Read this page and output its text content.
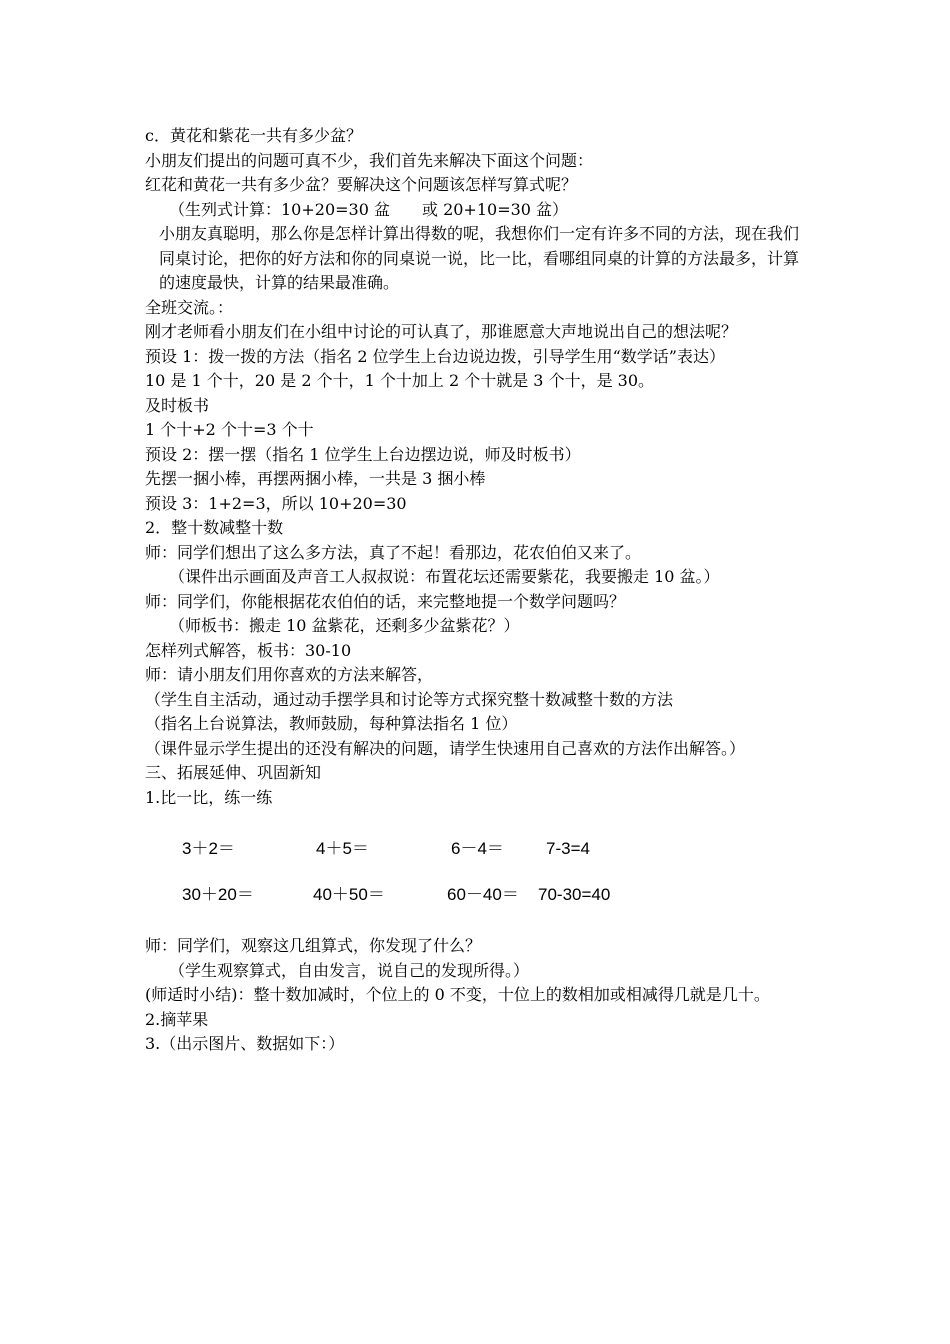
c．黄花和紫花一共有多少盆？

小朋友们提出的问题可真不少，我们首先来解决下面这个问题：

红花和黄花一共有多少盆？要解决这个问题该怎样写算式呢？

（生列式计算：10+20=30 盆　　或 20+10=30 盆）

小朋友真聪明，那么你是怎样计算出得数的呢，我想你们一定有许多不同的方法，现在我们同桌讨论，把你的好方法和你的同桌说一说，比一比，看哪组同桌的计算的方法最多，计算的速度最快，计算的结果最准确。

全班交流。：

刚才老师看小朋友们在小组中讨论的可认真了，那谁愿意大声地说出自己的想法呢？

预设 1：拨一拨的方法（指名 2 位学生上台边说边拨，引导学生用“数学话”表达）

10 是 1 个十，20 是 2 个十，1 个十加上 2 个十就是 3 个十，是 30。

及时板书

1 个十+2 个十=3 个十

预设 2：摆一摆（指名 1 位学生上台边摆边说，师及时板书）

先摆一捆小棒，再摆两捆小棒，一共是 3 捆小棒

预设 3：1+2=3，所以 10+20=30

2．整十数减整十数

师：同学们想出了这么多方法，真了不起！看那边，花农伯伯又来了。

（课件出示画面及声音工人叔叔说：布置花坛还需要紫花，我要搬走 10 盆。）

师：同学们，你能根据花农伯伯的话，来完整地提一个数学问题吗？

（师板书：搬走 10 盆紫花，还剩多少盆紫花？）

怎样列式解答，板书：30-10

师：请小朋友们用你喜欢的方法来解答，

（学生自主活动，通过动手摆学具和讨论等方式探究整十数减整十数的方法

（指名上台说算法，教师鼓励，每种算法指名 1 位）

（课件显示学生提出的还没有解决的问题，请学生快速用自己喜欢的方法作出解答。）

三、拓展延伸、巩固新知

1.比一比，练一练

3＋2＝	4＋5＝	6－4＝ 7-3=4
30＋20＝	40＋50＝	60－40＝ 70-30=40

师：同学们，观察这几组算式，你发现了什么？

（学生观察算式，自由发言，说自己的发现所得。）

(师适时小结)：整十数加减时，个位上的 0 不变，十位上的数相加或相减得几就是几十。

2.摘苹果

3.（出示图片、数据如下：）
